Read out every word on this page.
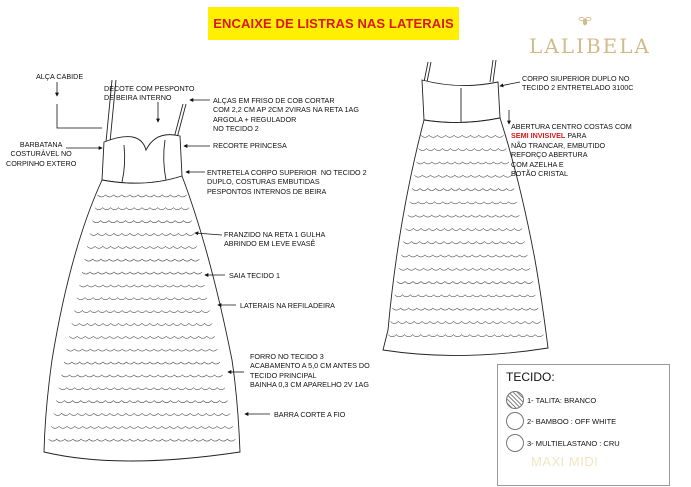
ENCAIXE DE LISTRAS NAS LATERAIS
LALIBELA
ALÇA CABIDE
DECOTE COM PESPONTO
DE BEIRA INTERNO	ALÇAS EM FRISO DE COB CORTAR
COM 2,2 CM AP 2CM 2VIRAS NA RETA 1AG
ARGOLA + REGULADOR
NO TECIDO 2
BARBATANA
COSTURÁVEL NO
CORPINHO EXTERO
RECORTE PRINCESA
ENTRETELA CORPO SUPERIOR  NO TECIDO 2
DUPLO, COSTURAS EMBUTIDAS
PESPONTOS INTERNOS DE BEIRA
FRANZIDO NA RETA 1 GULHA
ABRINDO EM LEVE EVASÊ
SAIA TECIDO 1
LATERAIS NA REFILADEIRA
FORRO NO TECIDO 3
ACABAMENTO A 5,0 CM ANTES DO
TECIDO PRINCIPAL
BAINHA 0,3 CM APARELHO 2V 1AG
BARRA CORTE A FIO
CORPO SIUPERIOR DUPLO NO
TECIDO 2 ENTRETELADO 3100C
ABERTURA CENTRO COSTAS COM
SEMI INVISIVEL PARA
NÃO TRANCAR, EMBUTIDO
REFORÇO ABERTURA
COM AZELHA E
BOTÃO CRISTAL
TECIDO:
1- TALITA: BRANCO
2- BAMBOO : OFF WHITE
3- MULTIELASTANO : CRU
MAXI MIDI
